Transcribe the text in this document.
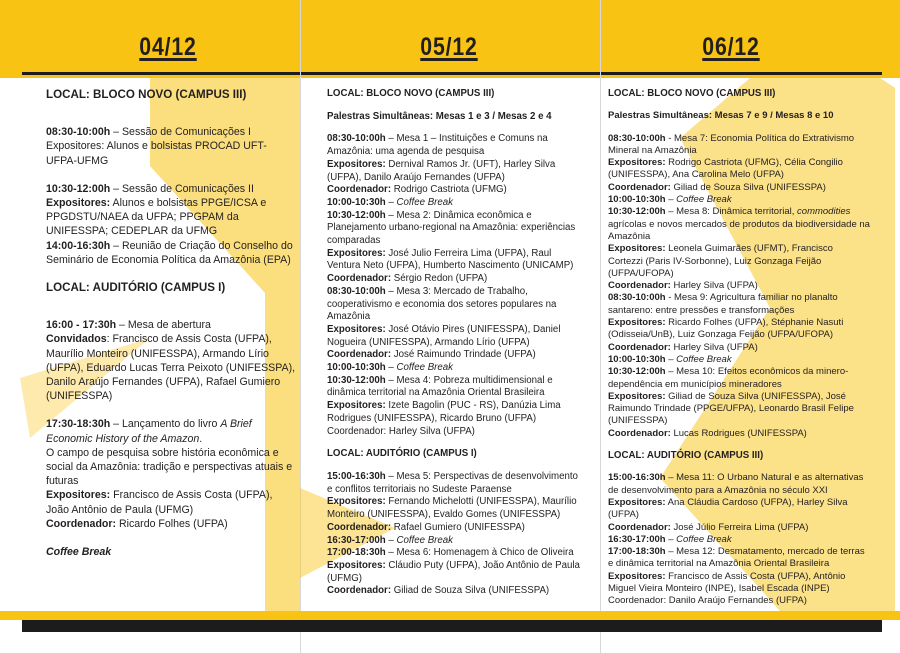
04/12	05/12	06/12

LOCAL: BLOCO NOVO (CAMPUS III)

08:30-10:00h – Sessão de Comunicações I
Expositores: Alunos e bolsistas PROCAD UFT-UFPA-UFMG

10:30-12:00h – Sessão de Comunicações II
Expositores: Alunos e bolsistas PPGE/ICSA e PPGDSTU/NAEA da UFPA; PPGPAM da UNIFESSPA; CEDEPLAR da UFMG
14:00-16:30h – Reunião de Criação do Conselho do Seminário de Economia Política da Amazônia (EPA)

LOCAL: AUDITÓRIO (CAMPUS I)

16:00 - 17:30h – Mesa de abertura
Convidados: Francisco de Assis Costa (UFPA), Maurílio Monteiro (UNIFESSPA), Armando Lírio (UFPA), Eduardo Lucas Terra Peixoto (UNIFESSPA), Danilo Araújo Fernandes (UFPA), Rafael Gumiero (UNIFESSPA)

17:30-18:30h – Lançamento do livro A Brief Economic History of the Amazon.
O campo de pesquisa sobre história econômica e social da Amazônia: tradição e perspectivas atuais e futuras
Expositores: Francisco de Assis Costa (UFPA), João Antônio de Paula (UFMG)
Coordenador: Ricardo Folhes (UFPA)

Coffee Break

LOCAL: BLOCO NOVO (CAMPUS III)

Palestras Simultâneas: Mesas 1 e 3 / Mesas 2 e 4

08:30-10:00h – Mesa 1 – Instituições e Comuns na Amazônia: uma agenda de pesquisa
Expositores: Dernival Ramos Jr. (UFT), Harley Silva (UFPA), Danilo Araújo Fernandes (UFPA)
Coordenador: Rodrigo Castriota (UFMG)
10:00-10:30h – Coffee Break
10:30-12:00h – Mesa 2: Dinâmica econômica e Planejamento urbano-regional na Amazônia: experiências comparadas
Expositores: José Julio Ferreira Lima (UFPA), Raul Ventura Neto (UFPA), Humberto Nascimento (UNICAMP)
Coordenador: Sérgio Redon (UFPA)
08:30-10:00h – Mesa 3: Mercado de Trabalho, cooperativismo e economia dos setores populares na Amazônia
Expositores: José Otávio Pires (UNIFESSPA), Daniel Nogueira (UNIFESSPA), Armando Lírio (UFPA)
Coordenador: José Raimundo Trindade (UFPA)
10:00-10:30h – Coffee Break
10:30-12:00h – Mesa 4: Pobreza multidimensional e dinâmica territorial na Amazônia Oriental Brasileira
Expositores: Izete Bagolin (PUC - RS), Danúzia Lima Rodrigues (UNIFESSPA), Ricardo Bruno (UFPA)
Coordenador: Harley Silva (UFPA)

LOCAL: AUDITÓRIO (CAMPUS I)

15:00-16:30h – Mesa 5: Perspectivas de desenvolvimento e conflitos territoriais no Sudeste Paraense
Expositores: Fernando Michelotti (UNIFESSPA), Maurílio Monteiro (UNIFESSPA), Evaldo Gomes (UNIFESSPA)
Coordenador: Rafael Gumiero (UNIFESSPA)
16:30-17:00h – Coffee Break
17:00-18:30h – Mesa 6: Homenagem à Chico de Oliveira
Expositores: Cláudio Puty (UFPA), João Antônio de Paula (UFMG)
Coordenador: Giliad de Souza Silva (UNIFESSPA)

LOCAL: BLOCO NOVO (CAMPUS III)

Palestras Simultâneas: Mesas 7 e 9 / Mesas 8 e 10

08:30-10:00h - Mesa 7: Economia Política do Extrativismo Mineral na Amazônia
Expositores: Rodrigo Castriota (UFMG), Célia Congilio (UNIFESSPA), Ana Carolina Melo (UFPA)
Coordenador: Giliad de Souza Silva (UNIFESSPA)
10:00-10:30h – Coffee Break
10:30-12:00h – Mesa 8: Dinâmica territorial, commodities agrícolas e novos mercados de produtos da biodiversidade na Amazônia
Expositores: Leonela Guimarães (UFMT), Francisco Cortezzi (Paris IV-Sorbonne), Luiz Gonzaga Feijão (UFPA/UFOPA)
Coordenador: Harley Silva (UFPA)
08:30-10:00h - Mesa 9: Agricultura familiar no planalto santareno: entre pressões e transformações
Expositores: Ricardo Folhes (UFPA), Stéphanie Nasuti (Odisseia/UnB), Luiz Gonzaga Feijão (UFPA/UFOPA)
Coordenador: Harley Silva (UFPA)
10:00-10:30h – Coffee Break
10:30-12:00h – Mesa 10: Efeitos econômicos da minero-dependência em municípios mineradores
Expositores: Giliad de Souza Silva (UNIFESSPA), José Raimundo Trindade (PPGE/UFPA), Leonardo Brasil Felipe (UNIFESSPA)
Coordenador: Lucas Rodrigues (UNIFESSPA)

LOCAL: AUDITÓRIO (CAMPUS III)

15:00-16:30h – Mesa 11: O Urbano Natural e as alternativas de desenvolvimento para a Amazônia no século XXI
Expositores: Ana Cláudia Cardoso (UFPA), Harley Silva (UFPA)
Coordenador: José Júlio Ferreira Lima (UFPA)
16:30-17:00h – Coffee Break
17:00-18:30h – Mesa 12: Desmatamento, mercado de terras e dinâmica territorial na Amazônia Oriental Brasileira
Expositores: Francisco de Assis Costa (UFPA), Antônio Miguel Vieira Monteiro (INPE), Isabel Escada (INPE)
Coordenador: Danilo Araújo Fernandes (UFPA)
